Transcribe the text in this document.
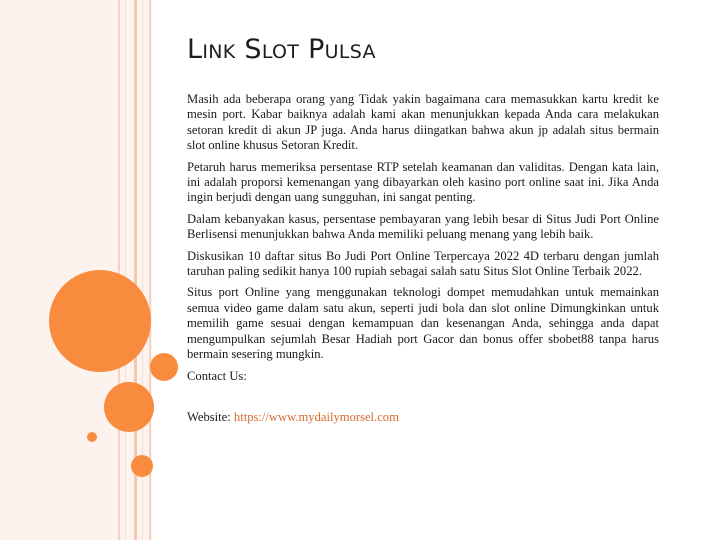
Link Slot Pulsa

Masih ada beberapa orang yang Tidak yakin bagaimana cara memasukkan kartu kredit ke mesin port. Kabar baiknya adalah kami akan menunjukkan kepada Anda cara melakukan setoran kredit di akun JP juga. Anda harus diingatkan bahwa akun jp adalah situs bermain slot online khusus Setoran Kredit.

Petaruh harus memeriksa persentase RTP setelah keamanan dan validitas. Dengan kata lain, ini adalah proporsi kemenangan yang dibayarkan oleh kasino port online saat ini. Jika Anda ingin berjudi dengan uang sungguhan, ini sangat penting.

Dalam kebanyakan kasus, persentase pembayaran yang lebih besar di Situs Judi Port Online Berlisensi menunjukkan bahwa Anda memiliki peluang menang yang lebih baik.

Diskusikan 10 daftar situs Bo Judi Port Online Terpercaya 2022 4D terbaru dengan jumlah taruhan paling sedikit hanya 100 rupiah sebagai salah satu Situs Slot Online Terbaik 2022.

Situs port Online yang menggunakan teknologi dompet memudahkan untuk memainkan semua video game dalam satu akun, seperti judi bola dan slot online Dimungkinkan untuk memilih game sesuai dengan kemampuan dan kesenangan Anda, sehingga anda dapat mengumpulkan sejumlah Besar Hadiah port Gacor dan bonus offer sbobet88 tanpa harus bermain sesering mungkin.

Contact Us:

Website: https://www.mydailymorsel.com
